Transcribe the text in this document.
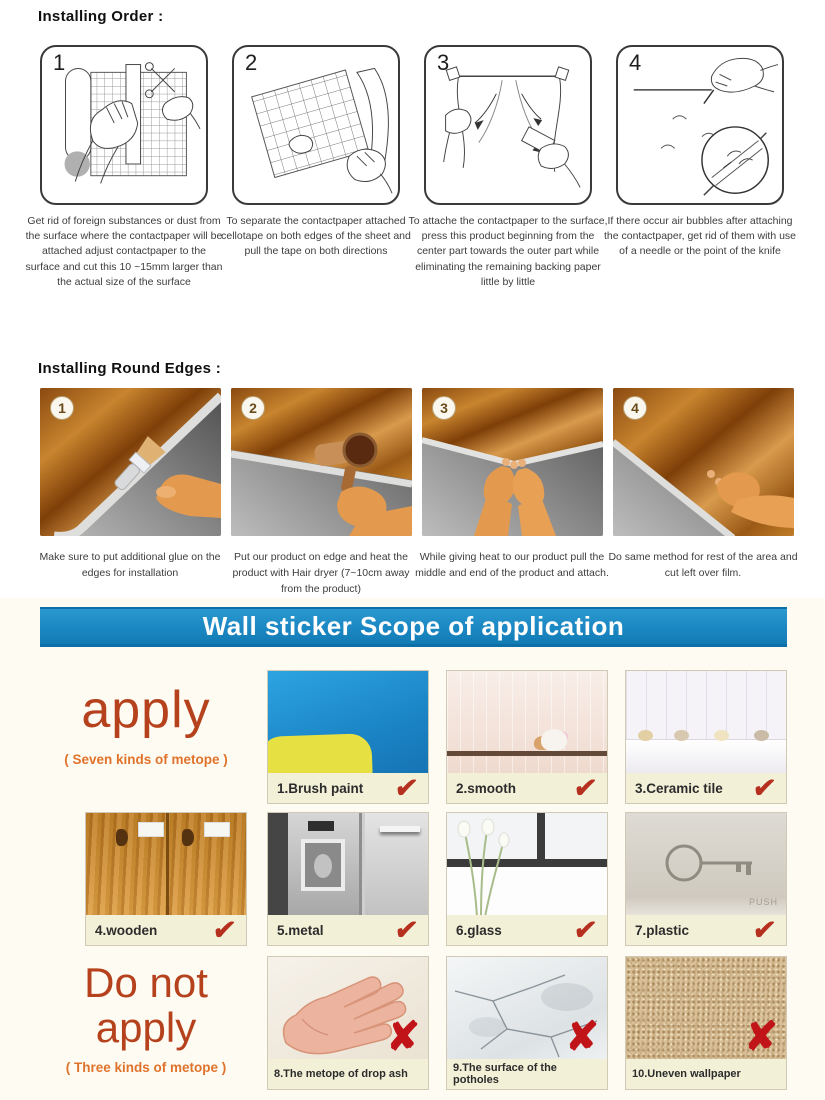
Installing Order :
1	2	3	4

Get rid of foreign substances or dust from the surface where the contactpaper will be attached adjust contactpaper to the surface and cut this 10 ~15mm larger than the actual size of the surface

To separate the contactpaper attached cellotape on both edges of the sheet and pull the tape on both directions

To attache the contactpaper to the surface, press this product beginning from the center part towards the outer part while eliminating the remaining backing paper little by little

If there occur air bubbles after attaching the contactpaper, get rid of them with use of a needle or the point of the knife

Installing Round Edges :
1	2	3	4

Make sure to put additional glue on the edges for installation

Put our product on edge and heat the product with Hair dryer (7~10cm away from the product)

While giving heat to our product pull the middle and end of the product and attach.

Do same method for rest of the area and cut left over film.

Wall sticker Scope of application
apply
( Seven kinds of metope )
1.Brush paint	✔	2.smooth	✔	3.Ceramic tile	✔
4.wooden	✔	5.metal	✔	6.glass	✔
PUSH
7.plastic	✔
Do not
apply
( Three kinds of metope )
✘
8.The metope of drop ash
✘
9.The surface of the potholes
✘
10.Uneven wallpaper
